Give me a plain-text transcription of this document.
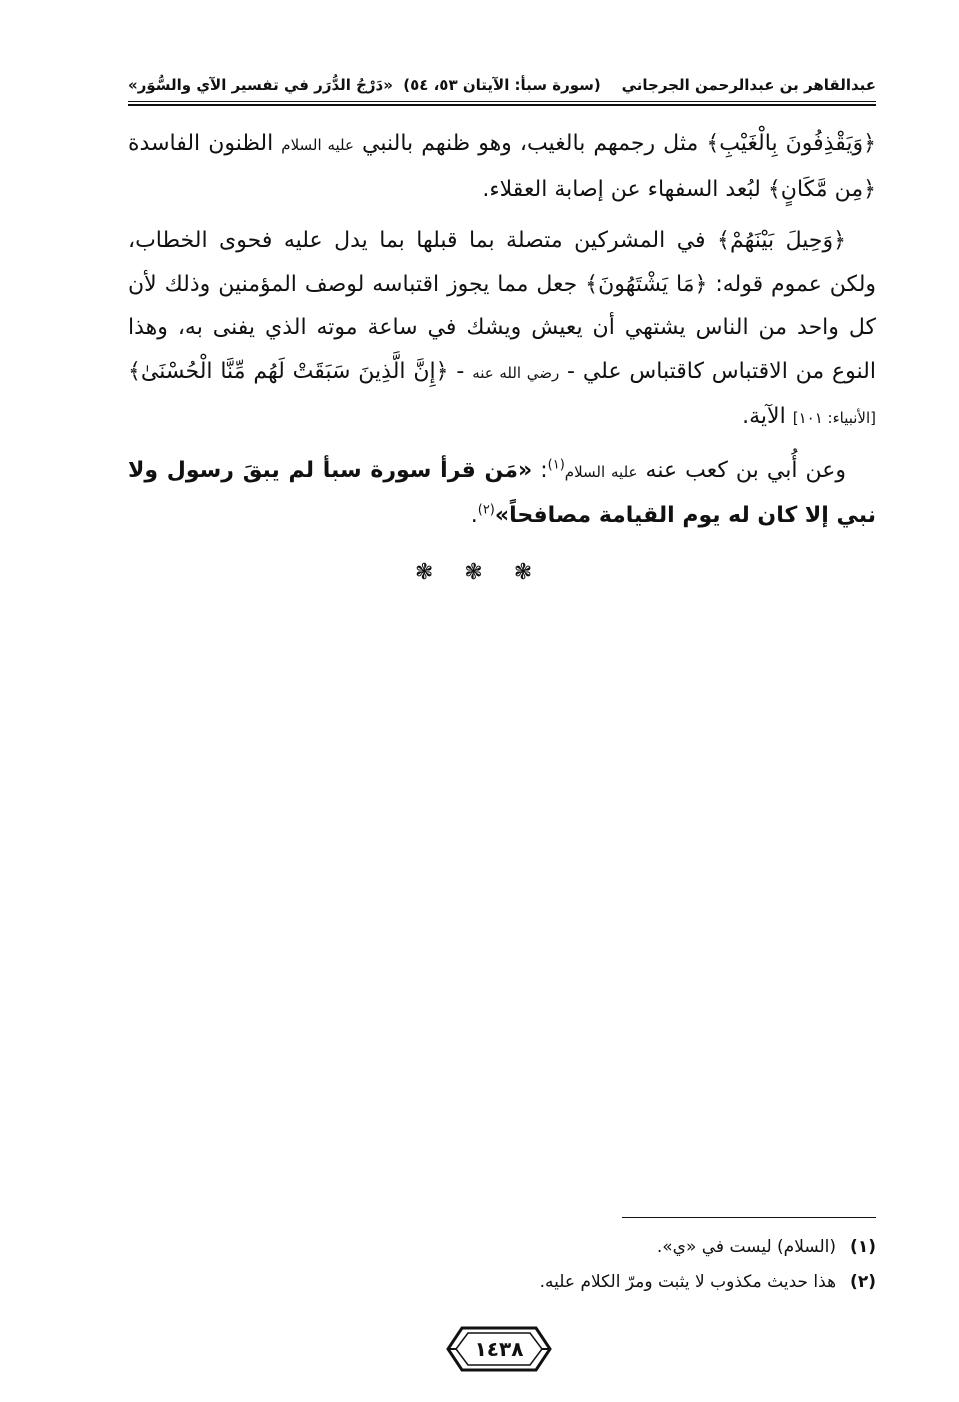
عبدالقاهر بن عبدالرحمن الجرجاني
(سورة سبأ: الآيتان ٥٣، ٥٤)
«دَرْجُ الدُّرَر في تفسير الآي والسُّوَر»

﴿وَيَقْذِفُونَ بِالْغَيْبِ﴾ مثل رجمهم بالغيب، وهو ظنهم بالنبي عليه السلام الظنون الفاسدة ﴿مِن مَّكَانٍ﴾ لبُعد السفهاء عن إصابة العقلاء.

﴿وَحِيلَ بَيْنَهُمْ﴾ في المشركين متصلة بما قبلها بما يدل عليه فحوى الخطاب، ولكن عموم قوله: ﴿مَا يَشْتَهُونَ﴾ جعل مما يجوز اقتباسه لوصف المؤمنين وذلك لأن كل واحد من الناس يشتهي أن يعيش ويشك في ساعة موته الذي يفنى به، وهذا النوع من الاقتباس كاقتباس علي - رضي الله عنه - ﴿إِنَّ الَّذِينَ سَبَقَتْ لَهُم مِّنَّا الْحُسْنَىٰ﴾ [الأنبياء: ١٠١] الآية.

وعن أُبي بن كعب عنه عليه السلام$^{(١)}$: «مَن قرأ سورة سبأ لم يبقَ رسول ولا نبي إلا كان له يوم القيامة مصافحاً»$^{(٢)}$.

❃ ❃ ❃
(١)(السلام) ليست في «ي».
(٢)هذا حديث مكذوب لا يثبت ومرّ الكلام عليه.
١٤٣٨
